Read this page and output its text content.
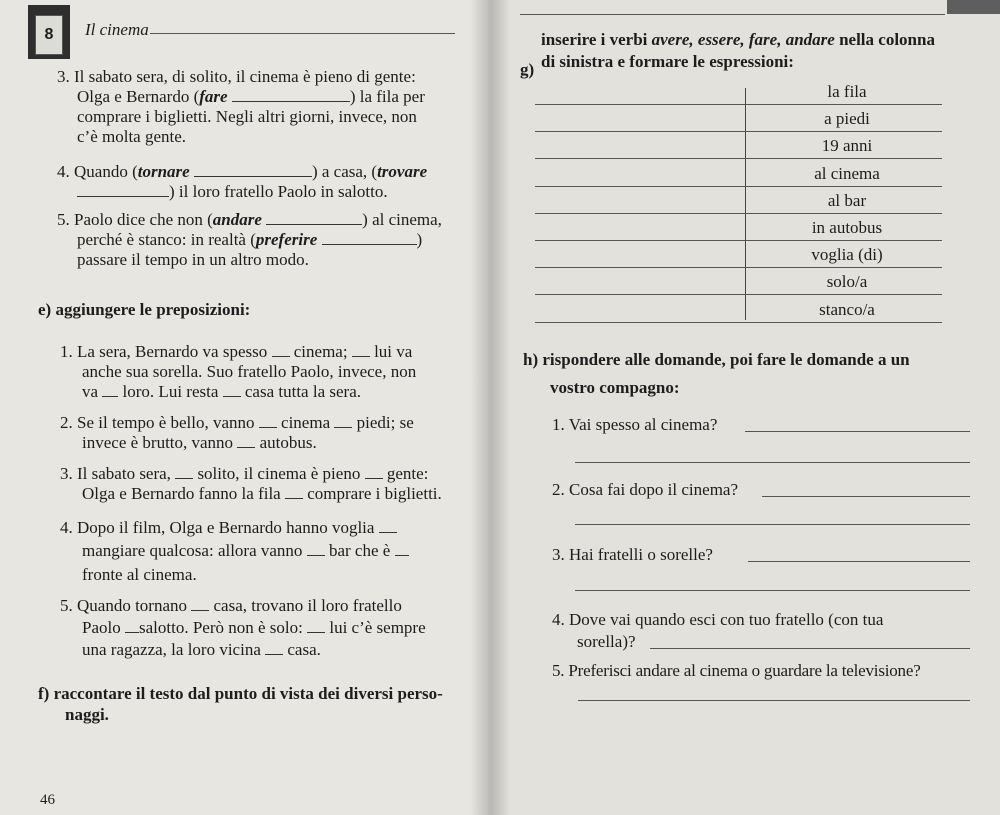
8	Il cinema
3. Il sabato sera, di solito, il cinema è pieno di gente:
Olga e Bernardo (fare	) la fila per
comprare i biglietti. Negli altri giorni, invece, non
c’è molta gente.
4. Quando (tornare	) a casa, (trovare
) il loro fratello Paolo in salotto.
5. Paolo dice che non (andare	) al cinema,
perché è stanco: in realtà (preferire	)
passare il tempo in un altro modo.
e) aggiungere le preposizioni:
1. La sera, Bernardo va spesso cinema; lui va
anche sua sorella. Suo fratello Paolo, invece, non
va loro. Lui resta casa tutta la sera.
2. Se il tempo è bello, vanno cinema piedi; se
invece è brutto, vanno autobus.
3. Il sabato sera, solito, il cinema è pieno gente:
Olga e Bernardo fanno la fila comprare i biglietti.
4. Dopo il film, Olga e Bernardo hanno voglia
mangiare qualcosa: allora vanno bar che è
fronte al cinema.
5. Quando tornano casa, trovano il loro fratello
Paolo salotto. Però non è solo: lui c’è sempre
una ragazza, la loro vicina casa.
f) raccontare il testo dal punto di vista dei diversi perso-
naggi.
46
g)
inserire i verbi avere, essere, fare, andare nella colonna
di sinistra e formare le espressioni:
la fila
a piedi
19 anni
al cinema
al bar
in autobus
voglia (di)
solo/a
stanco/a
h) rispondere alle domande, poi fare le domande a un
vostro compagno:
1. Vai spesso al cinema?
2. Cosa fai dopo il cinema?
3. Hai fratelli o sorelle?
4. Dove vai quando esci con tuo fratello (con tua
sorella)?
5. Preferisci andare al cinema o guardare la televisione?
